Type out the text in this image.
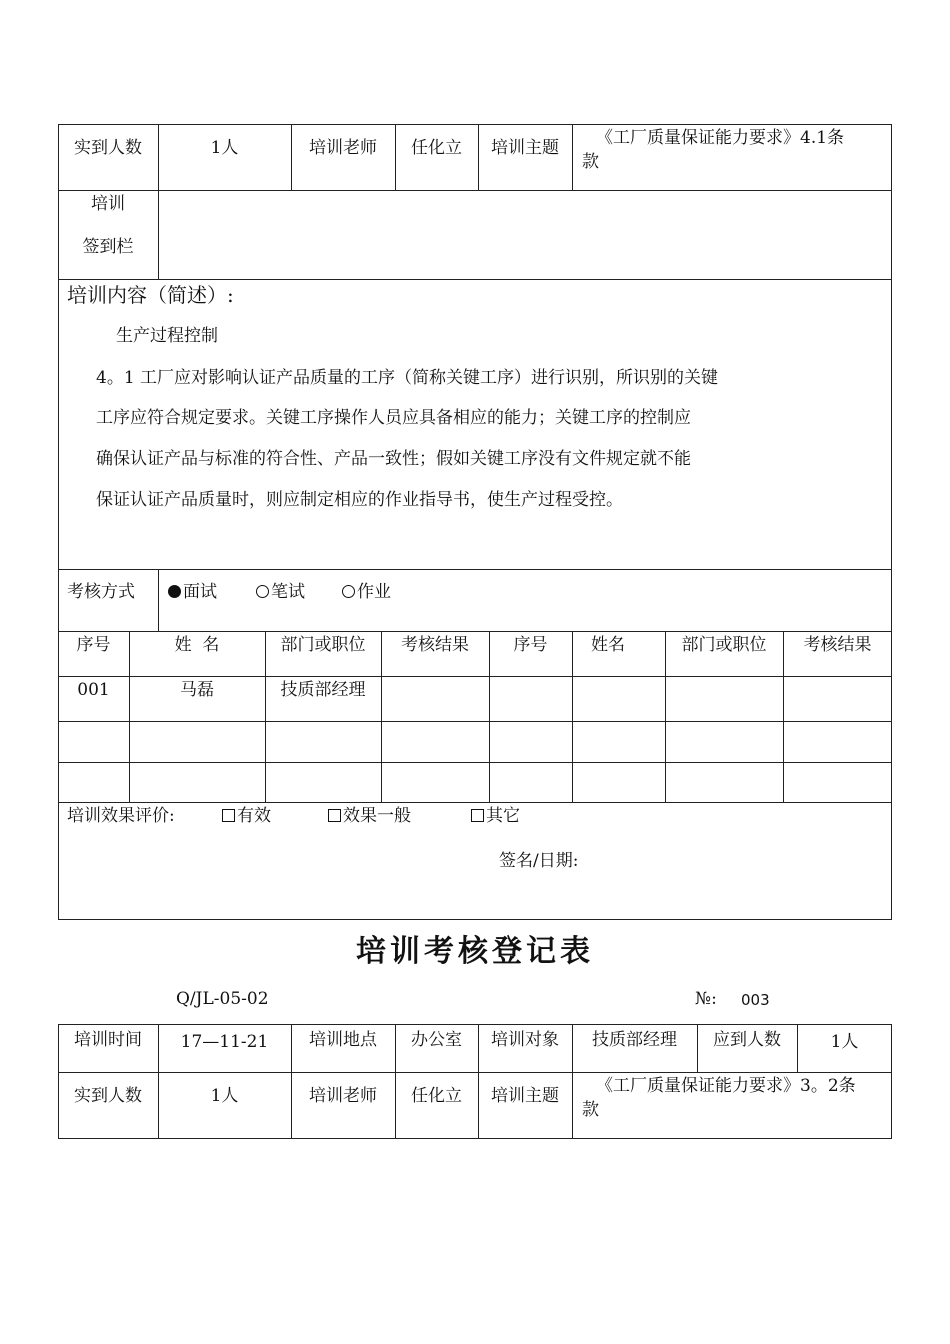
实到人数	1人	培训老师	任化立	培训主题	《工厂质量保证能力要求》4.1条
款
培训
签到栏
培训内容（简述）:
生产过程控制
4。1 工厂应对影响认证产品质量的工序（简称关键工序）进行识别，所识别的关键
工序应符合规定要求。关键工序操作人员应具备相应的能力；关键工序的控制应
确保认证产品与标准的符合性、产品一致性；假如关键工序没有文件规定就不能
保证认证产品质量时，则应制定相应的作业指导书，使生产过程受控。
考核方式	面试	笔试	作业
序号	姓  名	部门或职位	考核结果	序号	姓名	部门或职位	考核结果
001	马磊	技质部经理
培训效果评价:	有效	效果一般	其它
签名/日期:
培训考核登记表
Q/JL-05-02	№: 003
培训时间	17—11-21	培训地点	办公室	培训对象	技质部经理	应到人数	1人
实到人数	1人	培训老师	任化立	培训主题	《工厂质量保证能力要求》3。2条
款
